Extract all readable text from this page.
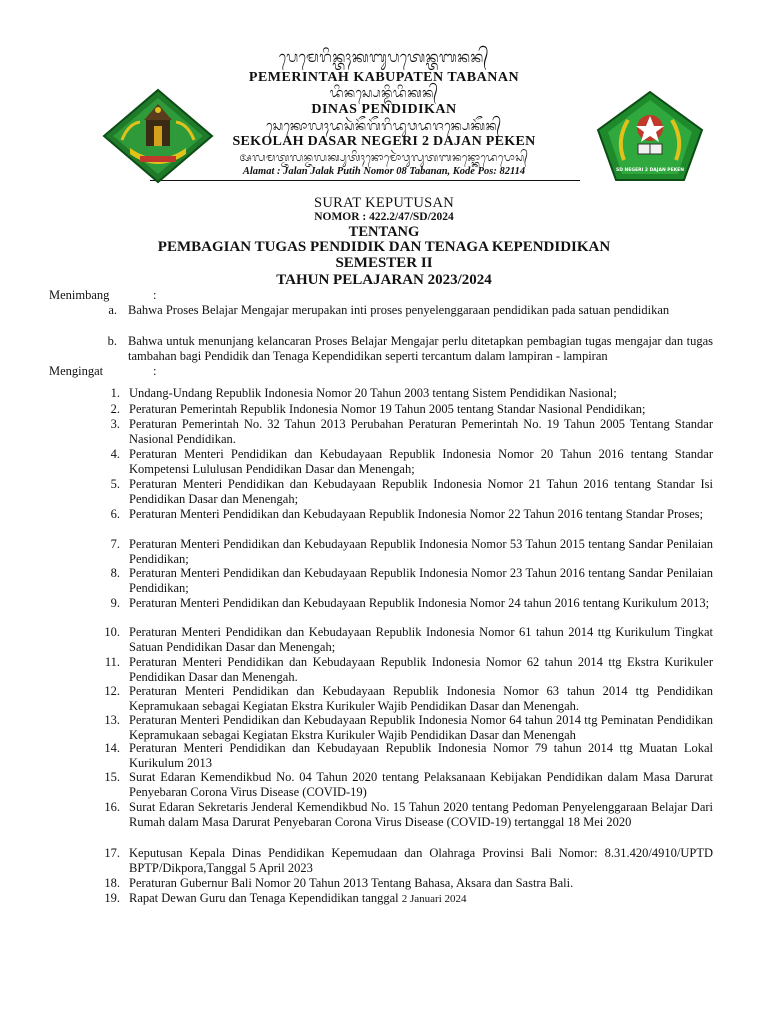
ᬧᬾᬫᬾᬭᬶᬦ᭄ᬢᬄᬓᬩᬸᬧᬢᬾᬦ᭄ᬢᬩᬦᬦ᭄
PEMERINTAH KABUPATEN TABANAN
ᬤᬶᬦᬲ᭄ᬧᬾᬦ᭄ᬤᬶᬤᬶᬓᬦ᭄
DINAS PENDIDIKAN
ᬲᬾᬓᭀᬮᬄᬤᬲᬃᬦᭂᬕᭂᬭᬶᬤᬸᬯᬤᬚᬦ᭄ᬧᬾᬓᭂᬦ᭄
SEKOLAH DASAR NEGERI 2 DAJAN PEKEN
ᬅᬮᬫᬢ᭄ᬚᬮᬦ᭄ᬚᬮᬓ᭄ᬧᬸᬢᬶᬄᬦᭀᬫᭀᬃᬯᬸᬮᬸᬢᬩᬦᬦ᭄ᬓᭀᬤᬾᬧᭀᬲ᭄
Alamat : Jalan Jalak Putih Nomor 08 Tabanan, Kode Pos: 82114	SD NEGERI 2 DAJAN PEKEN
SURAT KEPUTUSAN
NOMOR : 422.2/47/SD/2024
TENTANG
PEMBAGIAN TUGAS PENDIDIK DAN TENAGA KEPENDIDIKAN
SEMESTER II
TAHUN PELAJARAN 2023/2024
Menimbang	:
a. Bahwa Proses Belajar Mengajar merupakan inti proses penyelenggaraan pendidikan pada satuan pendidikan
b. Bahwa untuk menunjang kelancaran Proses Belajar Mengajar perlu ditetapkan pembagian tugas mengajar dan tugas tambahan bagi Pendidik dan Tenaga Kependidikan seperti tercantum dalam lampiran - lampiran
Mengingat	:
1. Undang-Undang Republik Indonesia Nomor 20 Tahun 2003 tentang Sistem Pendidikan Nasional;
2. Peraturan Pemerintah Republik Indonesia Nomor 19 Tahun 2005 tentang Standar Nasional Pendidikan;
3. Peraturan Pemerintah No. 32 Tahun 2013 Perubahan Peraturan Pemerintah No. 19 Tahun 2005 Tentang Standar Nasional Pendidikan.
4. Peraturan Menteri Pendidikan dan Kebudayaan Republik Indonesia Nomor 20 Tahun 2016 tentang Standar Kompetensi Lululusan Pendidikan Dasar dan Menengah;
5. Peraturan Menteri Pendidikan dan Kebudayaan Republik Indonesia Nomor 21 Tahun 2016 tentang Standar Isi Pendidikan Dasar dan Menengah;
6. Peraturan Menteri Pendidikan dan Kebudayaan Republik Indonesia Nomor 22 Tahun 2016 tentang Standar Proses;
7. Peraturan Menteri Pendidikan dan Kebudayaan Republik Indonesia Nomor 53 Tahun 2015 tentang Sandar Penilaian Pendidikan;
8. Peraturan Menteri Pendidikan dan Kebudayaan Republik Indonesia Nomor 23 Tahun 2016 tentang Sandar Penilaian Pendidikan;
9. Peraturan Menteri Pendidikan dan Kebudayaan Republik Indonesia Nomor 24 tahun 2016 tentang Kurikulum 2013;
10. Peraturan Menteri Pendidikan dan Kebudayaan Republik Indonesia Nomor 61 tahun 2014 ttg Kurikulum Tingkat Satuan Pendidikan Dasar dan Menengah;
11. Peraturan Menteri Pendidikan dan Kebudayaan Republik Indonesia Nomor 62 tahun 2014 ttg Ekstra Kurikuler Pendidikan Dasar dan Menengah.
12. Peraturan Menteri Pendidikan dan Kebudayaan Republik Indonesia Nomor 63 tahun 2014 ttg Pendidikan Kepramukaan sebagai Kegiatan Ekstra Kurikuler Wajib Pendidikan Dasar dan Menengah.
13. Peraturan Menteri Pendidikan dan Kebudayaan Republik Indonesia Nomor 64 tahun 2014 ttg Peminatan Pendidikan Kepramukaan sebagai Kegiatan Ekstra Kurikuler Wajib Pendidikan Dasar dan Menengah
14. Peraturan Menteri Pendidikan dan Kebudayaan Republik Indonesia Nomor 79 tahun 2014 ttg Muatan Lokal Kurikulum 2013
15. Surat Edaran Kemendikbud No. 04 Tahun 2020 tentang Pelaksanaan Kebijakan Pendidikan dalam Masa Darurat Penyebaran Corona Virus Disease (COVID-19)
16. Surat Edaran Sekretaris Jenderal Kemendikbud No. 15 Tahun 2020 tentang Pedoman Penyelenggaraan Belajar Dari Rumah dalam Masa Darurat Penyebaran Corona Virus Disease (COVID-19) tertanggal 18 Mei 2020
17. Keputusan Kepala Dinas Pendidikan Kepemudaan dan Olahraga Provinsi Bali Nomor: 8.31.420/4910/UPTD BPTP/Dikpora,Tanggal 5 April 2023
18. Peraturan Gubernur Bali Nomor 20 Tahun 2013 Tentang Bahasa, Aksara dan Sastra Bali.
19. Rapat Dewan Guru dan Tenaga Kependidikan tanggal 2 Januari 2024
